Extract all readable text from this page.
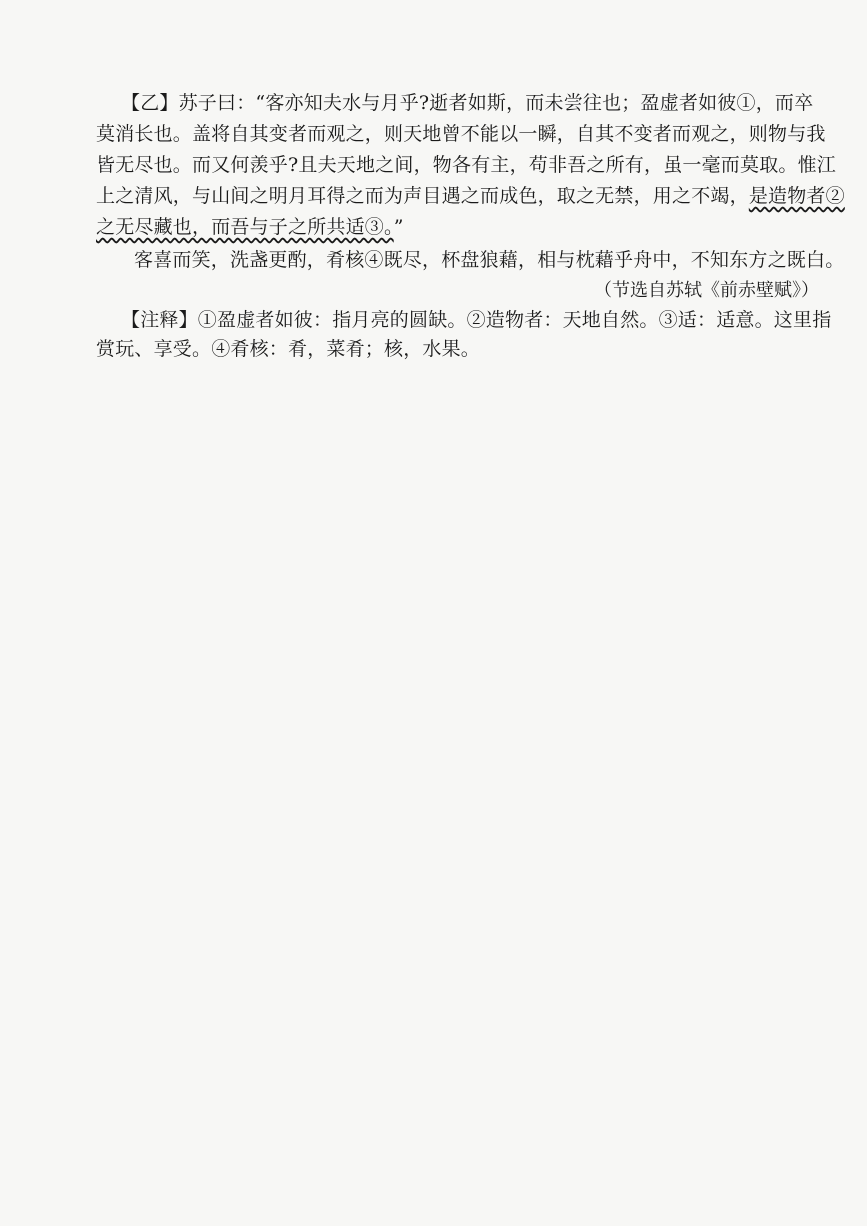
【乙】苏子曰：“客亦知夫水与月乎?逝者如斯，而未尝往也；盈虚者如彼①，而卒
莫消长也。盖将自其变者而观之，则天地曾不能以一瞬，自其不变者而观之，则物与我
皆无尽也。而又何羡乎?且夫天地之间，物各有主，苟非吾之所有，虽一毫而莫取。惟江
上之清风，与山间之明月耳得之而为声目遇之而成色，取之无禁，用之不竭，是造物者②
之无尽藏也，而吾与子之所共适③。”
客喜而笑，洗盏更酌，肴核④既尽，杯盘狼藉，相与枕藉乎舟中，不知东方之既白。
（节选自苏轼《前赤壁赋》）
【注释】①盈虚者如彼：指月亮的圆缺。②造物者：天地自然。③适：适意。这里指
赏玩、享受。④肴核：肴，菜肴；核，水果。
